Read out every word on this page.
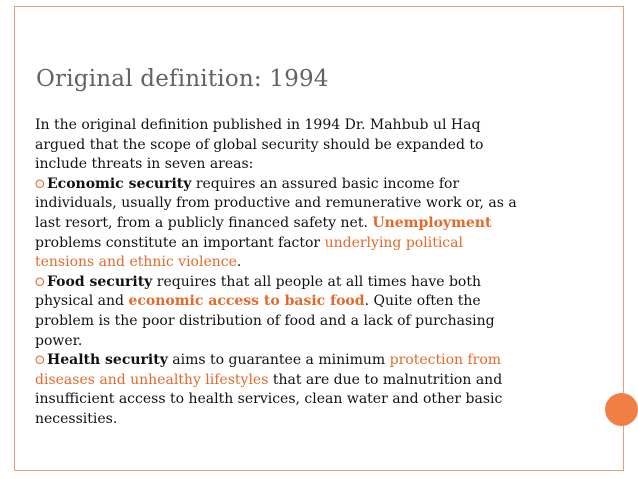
Original definition: 1994

In the original definition published in 1994 Dr. Mahbub ul Haq

argued that the scope of global security should be expanded to

include threats in seven areas:

⭘ Economic security requires an assured basic income for

individuals, usually from productive and remunerative work or, as a

last resort, from a publicly financed safety net. Unemployment

problems constitute an important factor underlying political

tensions and ethnic violence.

⭘ Food security requires that all people at all times have both

physical and economic access to basic food. Quite often the

problem is the poor distribution of food and a lack of purchasing

power.

⭘ Health security aims to guarantee a minimum protection from

diseases and unhealthy lifestyles that are due to malnutrition and

insufficient access to health services, clean water and other basic

necessities.
